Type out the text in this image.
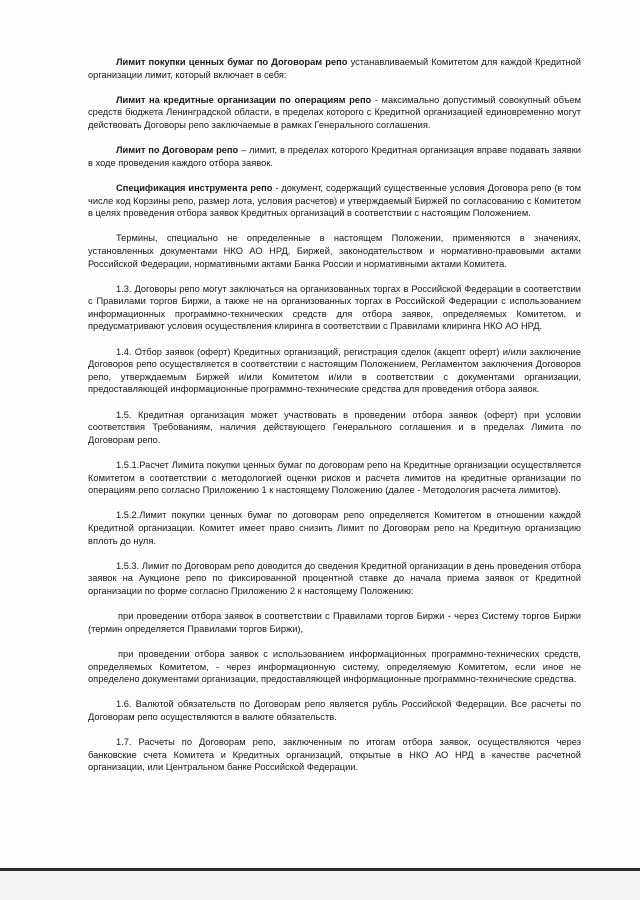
Лимит покупки ценных бумаг по Договорам репо устанавливаемый Комитетом для каждой Кредитной организации лимит, который включает в себя:

Лимит на кредитные организации по операциям репо - максимально допустимый совокупный объем средств бюджета Ленинградской области, в пределах которого с Кредитной организацией единовременно могут действовать Договоры репо заключаемые в рамках Генерального соглашения.

Лимит по Договорам репо – лимит, в пределах которого Кредитная организация вправе подавать заявки в ходе проведения каждого отбора заявок.

Спецификация инструмента репо - документ, содержащий существенные условия Договора репо (в том числе код Корзины репо, размер лота, условия расчетов) и утверждаемый Биржей по согласованию с Комитетом в целях проведения отбора заявок Кредитных организаций в соответствии с настоящим Положением.

Термины, специально не определенные в настоящем Положении, применяются в значениях, установленных документами НКО АО НРД, Биржей, законодательством и нормативно-правовыми актами Российской Федерации, нормативными актами Банка России и нормативными актами Комитета.

1.3. Договоры репо могут заключаться на организованных торгах в Российской Федерации в соответствии с Правилами торгов Биржи, а также не на организованных торгах в Российской Федерации с использованием информационных программно-технических средств для отбора заявок, определяемых Комитетом, и предусматривают условия осуществления клиринга в соответствии с Правилами клиринга НКО АО НРД.

1.4. Отбор заявок (оферт) Кредитных организаций, регистрация сделок (акцепт оферт) и/или заключение Договоров репо осуществляется в соответствии с настоящим Положением, Регламентом заключения Договоров репо, утверждаемым Биржей и/или Комитетом и/или в соответствии с документами организации, предоставляющей информационные программно-технические средства для проведения отбора заявок.

1.5. Кредитная организация может участвовать в проведении отбора заявок (оферт) при условии соответствия Требованиям, наличия действующего Генерального соглашения и в пределах Лимита по Договорам репо.

1.5.1.Расчет Лимита покупки ценных бумаг по договорам репо на Кредитные организации осуществляется Комитетом в соответствии с методологией оценки рисков и расчета лимитов на кредитные организации по операциям репо согласно Приложению 1 к настоящему Положению (далее - Методология расчета лимитов).

1.5.2.Лимит покупки ценных бумаг по договорам репо определяется Комитетом в отношении каждой Кредитной организации. Комитет имеет право снизить Лимит по Договорам репо на Кредитную организацию вплоть до нуля.

1.5.3. Лимит по Договорам репо доводится до сведения Кредитной организации в день проведения отбора заявок на Аукционе репо по фиксированной процентной ставке до начала приема заявок от Кредитной организации по форме согласно Приложению 2 к настоящему Положению:

при проведении отбора заявок в соответствии с Правилами торгов Биржи - через Систему торгов Биржи (термин определяется Правилами торгов Биржи),

при проведении отбора заявок с использованием информационных программно-технических средств, определяемых Комитетом, - через информационную систему, определяемую Комитетом, если иное не определено документами организации, предоставляющей информационные программно-технические средства.

1.6. Валютой обязательств по Договорам репо является рубль Российской Федерации. Все расчеты по Договорам репо осуществляются в валюте обязательств.

1.7. Расчеты по Договорам репо, заключенным по итогам отбора заявок, осуществляются через банковские счета Комитета и Кредитных организаций, открытые в НКО АО НРД в качестве расчетной организации, или Центральном банке Российской Федерации.
